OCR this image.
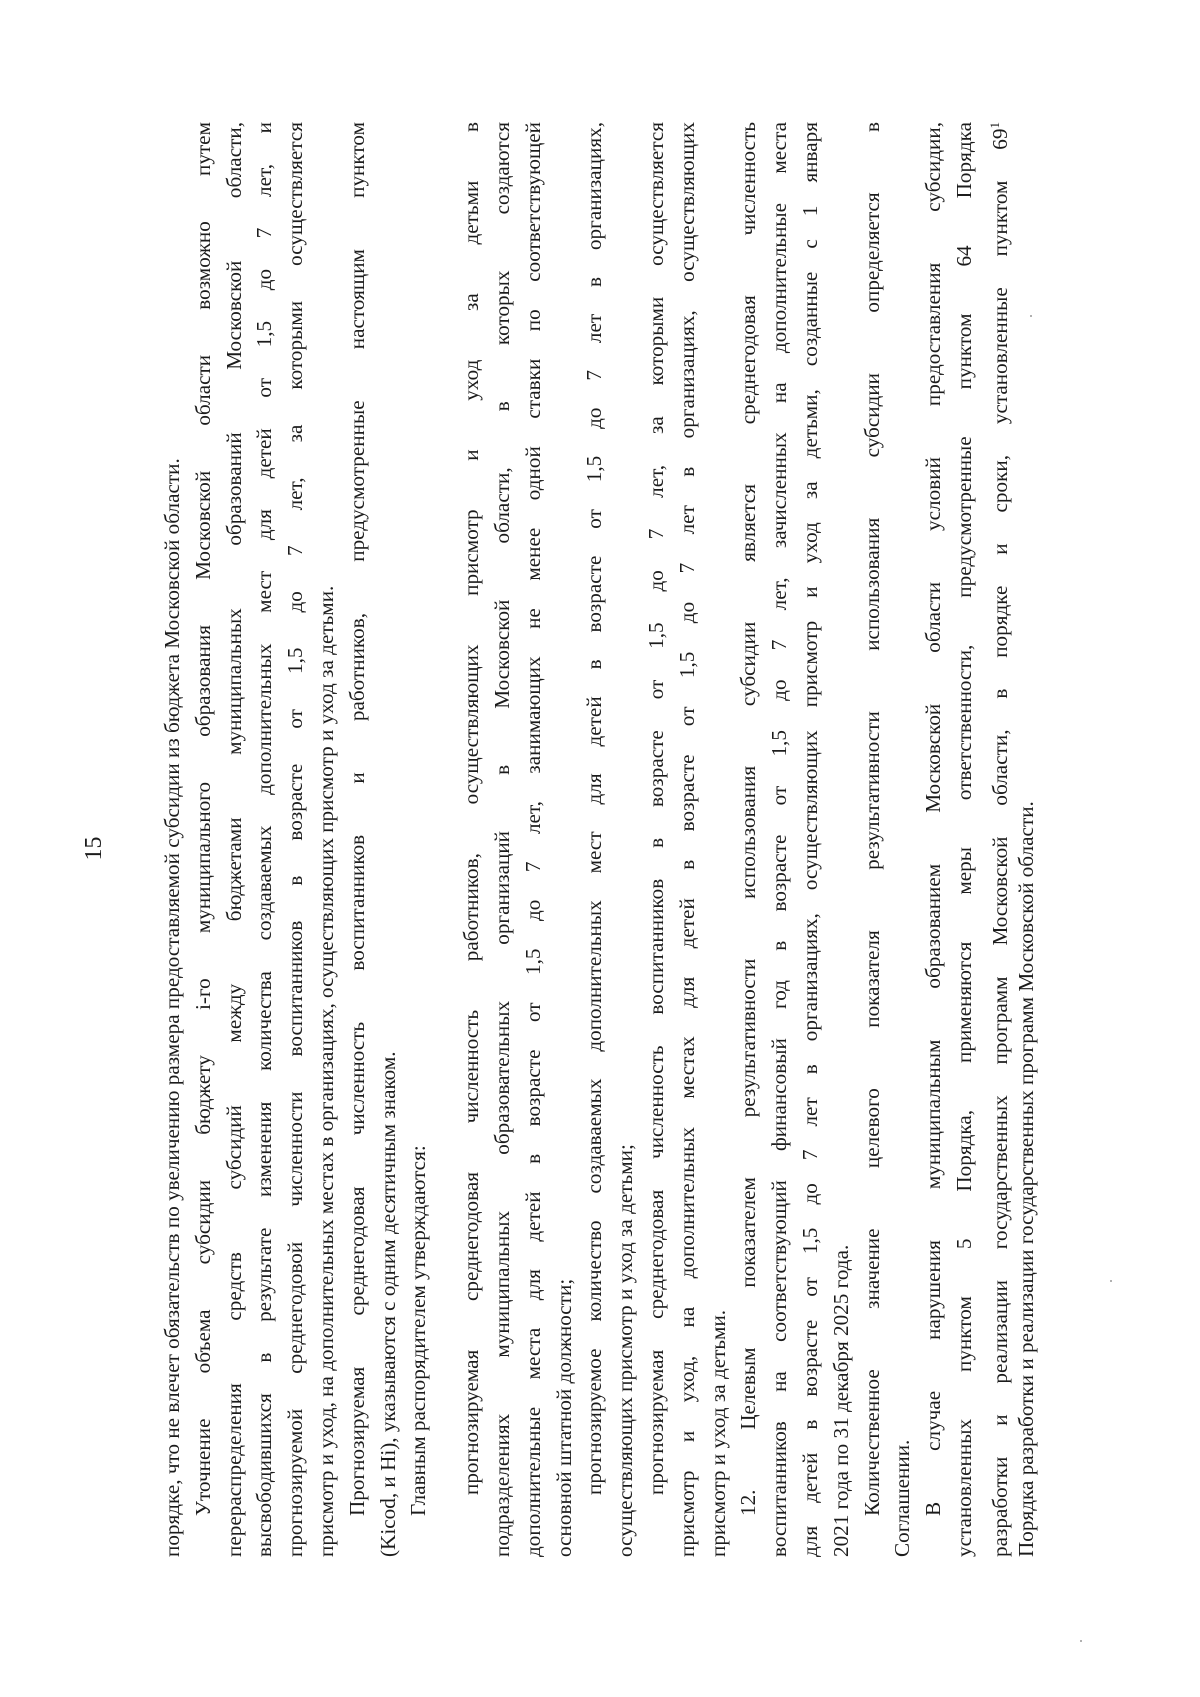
15	порядке, что не влечет обязательств по увеличению размера предоставляемой субсидии из бюджета Московской области. Уточнение объема субсидии бюджету i-го муниципального образования Московской области возможно путем перераспределения средств субсидий между бюджетами муниципальных образований Московской области, высвободившихся в результате изменения количества создаваемых дополнительных мест для детей от 1,5 до 7 лет, и прогнозируемой среднегодовой численности воспитанников в возрасте от 1,5 до 7 лет, за которыми осуществляется присмотр и уход, на дополнительных местах в организациях, осуществляющих присмотр и уход за детьми. Прогнозируемая среднегодовая численность воспитанников и работников, предусмотренные настоящим пунктом (Kicod, и Hi), указываются с одним десятичным знаком. Главным распорядителем утверждаются: прогнозируемая среднегодовая численность работников, осуществляющих присмотр и уход за детьми в подразделениях муниципальных образовательных организаций в Московской области, в которых создаются дополнительные места для детей в возрасте от 1,5 до 7 лет, занимающих не менее одной ставки по соответствующей основной штатной должности; прогнозируемое количество создаваемых дополнительных мест для детей в возрасте от 1,5 до 7 лет в организациях, осуществляющих присмотр и уход за детьми; прогнозируемая среднегодовая численность воспитанников в возрасте от 1,5 до 7 лет, за которыми осуществляется присмотр и уход, на дополнительных местах для детей в возрасте от 1,5 до 7 лет в организациях, осуществляющих присмотр и уход за детьми. 12. Целевым показателем результативности использования субсидии является среднегодовая численность воспитанников на соответствующий финансовый год в возрасте от 1,5 до 7 лет, зачисленных на дополнительные места для детей в возрасте от 1,5 до 7 лет в организациях, осуществляющих присмотр и уход за детьми, созданные с 1 января 2021 года по 31 декабря 2025 года. Количественное значение целевого показателя результативности использования субсидии определяется в Соглашении. В случае нарушения муниципальным образованием Московской области условий предоставления субсидии, установленных пунктом 5 Порядка, применяются меры ответственности, предусмотренные пунктом 64 Порядка разработки и реализации государственных программ Московской области, в порядке и сроки, установленные пунктом $69^1$
Порядка разработки и реализации государственных программ Московской области.
